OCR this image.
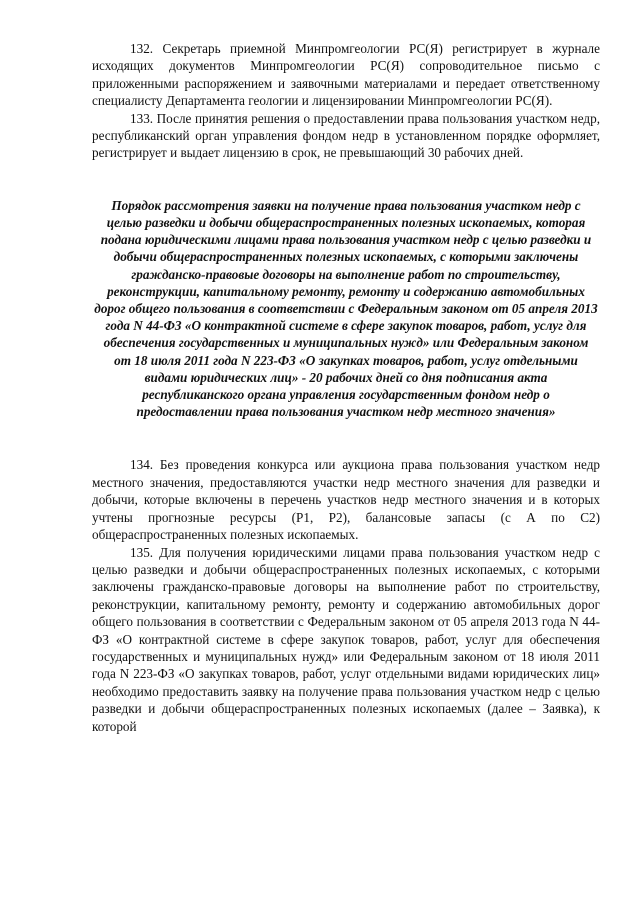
132. Секретарь приемной Минпромгеологии РС(Я) регистрирует в журнале исходящих документов Минпромгеологии РС(Я) сопроводительное письмо с приложенными распоряжением и заявочными материалами и передает ответственному специалисту Департамента геологии и лицензировании Минпромгеологии РС(Я).

133. После принятия решения о предоставлении права пользования участком недр, республиканский орган управления фондом недр в установленном порядке оформляет, регистрирует и выдает лицензию в срок, не превышающий 30 рабочих дней.

Порядок рассмотрения заявки на получение права пользования участком недр с целью разведки и добычи общераспространенных полезных ископаемых, которая подана юридическими лицами права пользования участком недр с целью разведки и добычи общераспространенных полезных ископаемых, с которыми заключены гражданско-правовые договоры на выполнение работ по строительству, реконструкции, капитальному ремонту, ремонту и содержанию автомобильных дорог общего пользования в соответствии с Федеральным законом от 05 апреля 2013 года N 44-ФЗ «О контрактной системе в сфере закупок товаров, работ, услуг для обеспечения государственных и муниципальных нужд» или Федеральным законом от 18 июля 2011 года N 223-ФЗ «О закупках товаров, работ, услуг отдельными видами юридических лиц» - 20 рабочих дней со дня подписания акта республиканского органа управления государственным фондом недр о предоставлении права пользования участком недр местного значения»

134. Без проведения конкурса или аукциона права пользования участком недр местного значения, предоставляются участки недр местного значения для разведки и добычи, которые включены в перечень участков недр местного значения и в которых учтены прогнозные ресурсы (Р1, Р2), балансовые запасы (с А по С2) общераспространенных полезных ископаемых.

135. Для получения юридическими лицами права пользования участком недр с целью разведки и добычи общераспространенных полезных ископаемых, с которыми заключены гражданско-правовые договоры на выполнение работ по строительству, реконструкции, капитальному ремонту, ремонту и содержанию автомобильных дорог общего пользования в соответствии с Федеральным законом от 05 апреля 2013 года N 44-ФЗ «О контрактной системе в сфере закупок товаров, работ, услуг для обеспечения государственных и муниципальных нужд» или Федеральным законом от 18 июля 2011 года N 223-ФЗ «О закупках товаров, работ, услуг отдельными видами юридических лиц» необходимо предоставить заявку на получение права пользования участком недр с целью разведки и добычи общераспространенных полезных ископаемых (далее – Заявка), к которой
